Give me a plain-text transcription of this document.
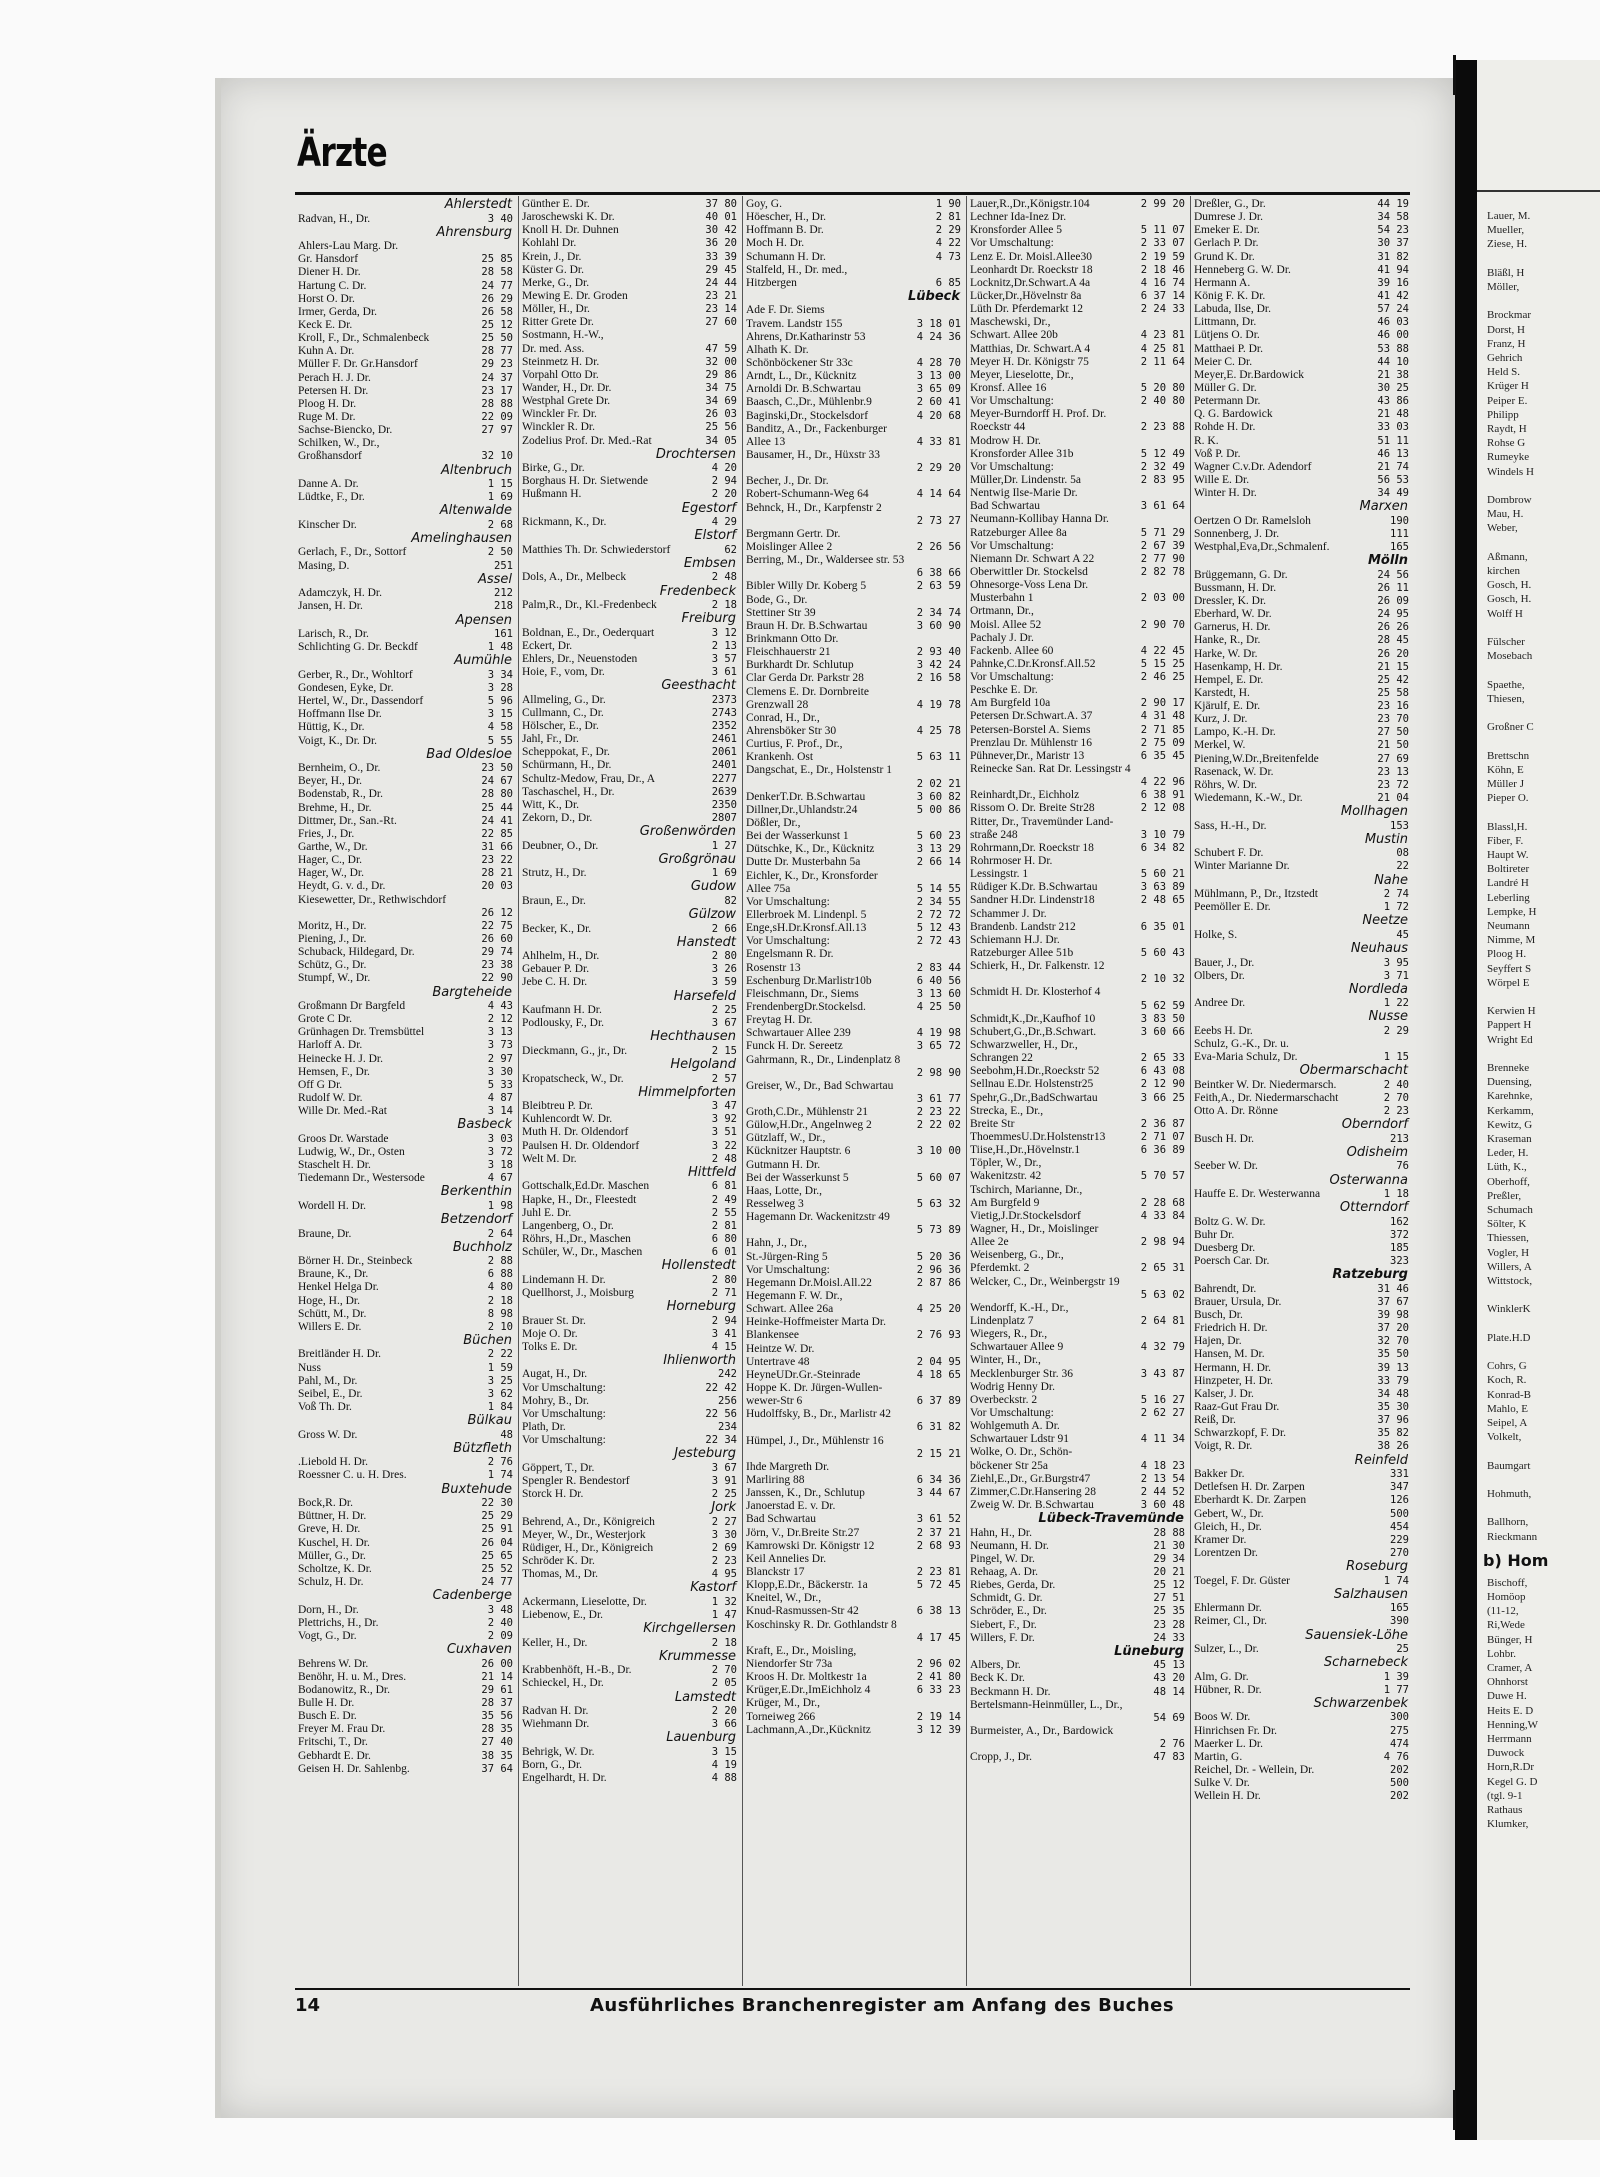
Ärzte
Ahlerstedt
Radvan, H., Dr.	3 40
Ahrensburg
Ahlers-Lau Marg. Dr.
Gr. Hansdorf	25 85
Diener H. Dr.	28 58
Hartung C. Dr.	24 77
Horst O. Dr.	26 29
Irmer, Gerda, Dr.	26 58
Keck E. Dr.	25 12
Kroll, F., Dr., Schmalenbeck	25 50
Kuhn A. Dr.	28 77
Müller F. Dr. Gr.Hansdorf	29 23
Perach H. J. Dr.	24 37
Petersen H. Dr.	23 17
Ploog H. Dr.	28 88
Ruge M. Dr.	22 09
Sachse-Biencko, Dr.	27 97
Schilken, W., Dr.,
Großhansdorf	32 10
Altenbruch
Danne A. Dr.	1 15
Lüdtke, F., Dr.	1 69
Altenwalde
Kinscher Dr.	2 68
Amelinghausen
Gerlach, F., Dr., Sottorf	2 50
Masing, D.	251
Assel
Adamczyk, H. Dr.	212
Jansen, H. Dr.	218
Apensen
Larisch, R., Dr.	161
Schlichting G. Dr. Beckdf	1 48
Aumühle
Gerber, R., Dr., Wohltorf	3 34
Gondesen, Eyke, Dr.	3 28
Hertel, W., Dr., Dassendorf	5 96
Hoffmann Ilse Dr.	3 15
Hüttig, K., Dr.	4 58
Voigt, K., Dr. Dr.	5 55
Bad Oldesloe
Bernheim, O., Dr.	23 50
Beyer, H., Dr.	24 67
Bodenstab, R., Dr.	28 80
Brehme, H., Dr.	25 44
Dittmer, Dr., San.-Rt.	24 41
Fries, J., Dr.	22 85
Garthe, W., Dr.	31 66
Hager, C., Dr.	23 22
Hager, W., Dr.	28 21
Heydt, G. v. d., Dr.	20 03
Kiesewetter, Dr., Rethwischdorf
26 12
Moritz, H., Dr.	22 75
Piening, J., Dr.	26 60
Schuback, Hildegard, Dr.	29 74
Schütz, G., Dr.	23 38
Stumpf, W., Dr.	22 90
Bargteheide
Großmann Dr Bargfeld	4 43
Grote C Dr.	2 12
Grünhagen Dr. Tremsbüttel	3 13
Harloff A. Dr.	3 73
Heinecke H. J. Dr.	2 97
Hemsen, F., Dr.	3 30
Off G Dr.	5 33
Rudolf W. Dr.	4 87
Wille Dr. Med.-Rat	3 14
Basbeck
Groos Dr. Warstade	3 03
Ludwig, W., Dr., Osten	3 72
Staschelt H. Dr.	3 18
Tiedemann Dr., Westersode	4 67
Berkenthin
Wordell H. Dr.	1 98
Betzendorf
Braune, Dr.	2 64
Buchholz
Börner H. Dr., Steinbeck	2 88
Braune, K., Dr.	6 88
Henkel Helga Dr.	4 80
Hoge, H., Dr.	2 18
Schütt, M., Dr.	8 98
Willers E. Dr.	2 10
Büchen
Breitländer H. Dr.	2 22
Nuss	1 59
Pahl, M., Dr.	3 25
Seibel, E., Dr.	3 62
Voß Th. Dr.	1 84
Bülkau
Gross W. Dr.	48
Bützfleth
.Liebold H. Dr.	2 76
Roessner C. u. H. Dres.	1 74
Buxtehude
Bock,R. Dr.	22 30
Büttner, H. Dr.	25 29
Greve, H. Dr.	25 91
Kuschel, H. Dr.	26 04
Müller, G., Dr.	25 65
Scholtze, K. Dr.	25 52
Schulz, H. Dr.	24 77
Cadenberge
Dorn, H., Dr.	3 48
Plettrichs, H., Dr.	2 40
Vogt, G., Dr.	2 09
Cuxhaven
Behrens W. Dr.	26 00
Benöhr, H. u. M., Dres.	21 14
Bodanowitz, R., Dr.	29 61
Bulle H. Dr.	28 37
Busch E. Dr.	35 56
Freyer M. Frau Dr.	28 35
Fritschi, T., Dr.	27 40
Gebhardt E. Dr.	38 35
Geisen H. Dr. Sahlenbg.	37 64
Günther E. Dr.	37 80
Jaroschewski K. Dr.	40 01
Knoll H. Dr. Duhnen	30 42
Kohlahl Dr.	36 20
Krein, J., Dr.	33 39
Küster G. Dr.	29 45
Merke, G., Dr.	24 44
Mewing E. Dr. Groden	23 21
Möller, H., Dr.	23 14
Ritter Grete Dr.	27 60
Sostmann, H.-W.,
Dr. med. Ass.	47 59
Steinmetz H. Dr.	32 00
Vorpahl Otto Dr.	29 86
Wander, H., Dr. Dr.	34 75
Westphal Grete Dr.	34 69
Winckler Fr. Dr.	26 03
Winckler R. Dr.	25 56
Zodelius Prof. Dr. Med.-Rat	34 05
Drochtersen
Birke, G., Dr.	4 20
Borghaus H. Dr. Sietwende	2 94
Hußmann H.	2 20
Egestorf
Rickmann, K., Dr.	4 29
Elstorf
Matthies Th. Dr. Schwiederstorf	62
Embsen
Dols, A., Dr., Melbeck	2 48
Fredenbeck
Palm,R., Dr., Kl.-Fredenbeck	2 18
Freiburg
Boldnan, E., Dr., Oederquart	3 12
Eckert, Dr.	2 13
Ehlers, Dr., Neuenstoden	3 57
Hoie, F., vom, Dr.	3 61
Geesthacht
Allmeling, G., Dr.	2373
Cullmann, C., Dr.	2743
Hölscher, E., Dr.	2352
Jahl, Fr., Dr.	2461
Scheppokat, F., Dr.	2061
Schürmann, H., Dr.	2401
Schultz-Medow, Frau, Dr., A	2277
Taschaschel, H., Dr.	2639
Witt, K., Dr.	2350
Zekorn, D., Dr.	2807
Großenwörden
Deubner, O., Dr.	1 27
Großgrönau
Strutz, H., Dr.	1 69
Gudow
Braun, E., Dr.	82
Gülzow
Becker, K., Dr.	2 66
Hanstedt
Ahlhelm, H., Dr.	2 80
Gebauer P. Dr.	3 26
Jebe C. H. Dr.	3 59
Harsefeld
Kaufmann H. Dr.	2 25
Podlousky, F., Dr.	3 67
Hechthausen
Dieckmann, G., jr., Dr.	2 15
Helgoland
Kropatscheck, W., Dr.	2 57
Himmelpforten
Bleibtreu P. Dr.	3 47
Kuhlencordt W. Dr.	3 92
Muth H. Dr. Oldendorf	3 51
Paulsen H. Dr. Oldendorf	3 22
Welt M. Dr.	2 48
Hittfeld
Gottschalk,Ed.Dr. Maschen	6 81
Hapke, H., Dr., Fleestedt	2 49
Juhl E. Dr.	2 55
Langenberg, O., Dr.	2 81
Röhrs, H.,Dr., Maschen	6 80
Schüler, W., Dr., Maschen	6 01
Hollenstedt
Lindemann H. Dr.	2 80
Quellhorst, J., Moisburg	2 71
Horneburg
Brauer St. Dr.	2 94
Moje O. Dr.	3 41
Tolks E. Dr.	4 15
Ihlienworth
Augat, H., Dr.	242
Vor Umschaltung:	22 42
Mohry, B., Dr.	256
Vor Umschaltung:	22 56
Plath, Dr.	234
Vor Umschaltung:	22 34
Jesteburg
Göppert, T., Dr.	3 67
Spengler R. Bendestorf	3 91
Storck H. Dr.	2 25
Jork
Behrend, A., Dr., Königreich	2 27
Meyer, W., Dr., Westerjork	3 30
Rüdiger, H., Dr., Königreich	2 69
Schröder K. Dr.	2 23
Thomas, M., Dr.	4 95
Kastorf
Ackermann, Lieselotte, Dr.	1 32
Liebenow, E., Dr.	1 47
Kirchgellersen
Keller, H., Dr.	2 18
Krummesse
Krabbenhöft, H.-B., Dr.	2 70
Schieckel, H., Dr.	2 05
Lamstedt
Radvan H. Dr.	2 20
Wiehmann Dr.	3 66
Lauenburg
Behrigk, W. Dr.	3 15
Born, G., Dr.	4 19
Engelhardt, H. Dr.	4 88
Goy, G.	1 90
Höescher, H., Dr.	2 81
Hoffmann B. Dr.	2 29
Moch H. Dr.	4 22
Schumann H. Dr.	4 73
Stalfeld, H., Dr. med.,
Hitzbergen	6 85
Lübeck
Ade F. Dr. Siems
Travem. Landstr 155	3 18 01
Ahrens, Dr.Katharinstr 53	4 24 36
Alhath K. Dr.
Schönböckener Str 33c	4 28 70
Arndt, L., Dr., Kücknitz	3 13 00
Arnoldi Dr. B.Schwartau	3 65 09
Baasch, C.,Dr., Mühlenbr.9	2 60 41
Baginski,Dr., Stockelsdorf	4 20 68
Banditz, A., Dr., Fackenburger
Allee 13	4 33 81
Bausamer, H., Dr., Hüxstr 33
2 29 20
Becher, J., Dr. Dr.
Robert-Schumann-Weg 64	4 14 64
Behnck, H., Dr., Karpfenstr 2
2 73 27
Bergmann Gertr. Dr.
Moislinger Allee 2	2 26 56
Berring, M., Dr., Waldersee str. 53
6 38 66
Bibler Willy Dr. Koberg 5	2 63 59
Bode, G., Dr.
Stettiner Str 39	2 34 74
Braun H. Dr. B.Schwartau	3 60 90
Brinkmann Otto Dr.
Fleischhauerstr 21	2 93 40
Burkhardt Dr. Schlutup	3 42 24
Clar Gerda Dr. Parkstr 28	2 16 58
Clemens E. Dr. Dornbreite
Grenzwall 28	4 19 78
Conrad, H., Dr.,
Ahrensböker Str 30	4 25 78
Curtius, F. Prof., Dr.,
Krankenh. Ost	5 63 11
Dangschat, E., Dr., Holstenstr 1
2 02 21
DenkerT.Dr. B.Schwartau	3 60 82
Dillner,Dr.,Uhlandstr.24	5 00 86
Dößler, Dr.,
Bei der Wasserkunst 1	5 60 23
Dütschke, K., Dr., Kücknitz	3 13 29
Dutte Dr. Musterbahn 5a	2 66 14
Eichler, K., Dr., Kronsforder
Allee 75a	5 14 55
Vor Umschaltung:	2 34 55
Ellerbroek M. Lindenpl. 5	2 72 72
Enge,sH.Dr.Kronsf.All.13	5 12 43
Vor Umschaltung:	2 72 43
Engelsmann R. Dr.
Rosenstr 13	2 83 44
Eschenburg Dr.Marlistr10b	6 40 56
Fleischmann, Dr., Siems	3 13 60
FrendenbergDr.Stockelsd.	4 25 50
Freytag H. Dr.
Schwartauer Allee 239	4 19 98
Funck H. Dr. Sereetz	3 65 72
Gahrmann, R., Dr., Lindenplatz 8
2 98 90
Greiser, W., Dr., Bad Schwartau
3 61 77
Groth,C.Dr., Mühlenstr 21	2 23 22
Gülow,H.Dr., Angelnweg 2	2 22 02
Gützlaff, W., Dr.,
Kücknitzer Hauptstr. 6	3 10 00
Gutmann H. Dr.
Bei der Wasserkunst 5	5 60 07
Haas, Lotte, Dr.,
Resselweg 3	5 63 32
Hagemann Dr. Wackenitzstr 49
5 73 89
Hahn, J., Dr.,
St.-Jürgen-Ring 5	5 20 36
Vor Umschaltung:	2 96 36
Hegemann Dr.Moisl.All.22	2 87 86
Hegemann F. W. Dr.,
Schwart. Allee 26a	4 25 20
Heinke-Hoffmeister Marta Dr.
Blankensee	2 76 93
Heintze W. Dr.
Untertrave 48	2 04 95
HeyneUDr.Gr.-Steinrade	4 18 65
Hoppe K. Dr. Jürgen-Wullen-
wewer-Str 6	6 37 89
Hudolffsky, B., Dr., Marlistr 42
6 31 82
Hümpel, J., Dr., Mühlenstr 16
2 15 21
Ihde Margreth Dr.
Marliring 88	6 34 36
Janssen, K., Dr., Schlutup	3 44 67
Janoerstad E. v. Dr.
Bad Schwartau	3 61 52
Jörn, V., Dr.Breite Str.27	2 37 21
Kamrowski Dr. Königstr 12	2 68 93
Keil Annelies Dr.
Blanckstr 17	2 23 81
Klopp,E.Dr., Bäckerstr. 1a	5 72 45
Kneitel, W., Dr.,
Knud-Rasmussen-Str 42	6 38 13
Koschinsky R. Dr. Gothlandstr 8
4 17 45
Kraft, E., Dr., Moisling,
Niendorfer Str 73a	2 96 02
Kroos H. Dr. Moltkestr 1a	2 41 80
Krüger,E.Dr.,ImEichholz 4	6 33 23
Krüger, M., Dr.,
Torneiweg 266	2 19 14
Lachmann,A.,Dr.,Kücknitz	3 12 39
Lauer,R.,Dr.,Königstr.104	2 99 20
Lechner Ida-Inez Dr.
Kronsforder Allee 5	5 11 07
Vor Umschaltung:	2 33 07
Lenz E. Dr. Moisl.Allee30	2 19 59
Leonhardt Dr. Roeckstr 18	2 18 46
Locknitz,Dr.Schwart.A 4a	4 16 74
Lücker,Dr.,Hövelnstr 8a	6 37 14
Lüth Dr. Pferdemarkt 12	2 24 33
Maschewski, Dr.,
Schwart. Allee 20b	4 23 81
Matthias, Dr. Schwart.A 4	4 25 81
Meyer H. Dr. Königstr 75	2 11 64
Meyer, Lieselotte, Dr.,
Kronsf. Allee 16	5 20 80
Vor Umschaltung:	2 40 80
Meyer-Burndorff H. Prof. Dr.
Roeckstr 44	2 23 88
Modrow H. Dr.
Kronsforder Allee 31b	5 12 49
Vor Umschaltung:	2 32 49
Müller,Dr. Lindenstr. 5a	2 83 95
Nentwig Ilse-Marie Dr.
Bad Schwartau	3 61 64
Neumann-Kollibay Hanna Dr.
Ratzeburger Allee 8a	5 71 29
Vor Umschaltung:	2 67 39
Niemann Dr. Schwart A 22	2 77 90
Oberwittler Dr. Stockelsd	2 82 78
Ohnesorge-Voss Lena Dr.
Musterbahn 1	2 03 00
Ortmann, Dr.,
Moisl. Allee 52	2 90 70
Pachaly J. Dr.
Fackenb. Allee 60	4 22 45
Pahnke,C.Dr.Kronsf.All.52	5 15 25
Vor Umschaltung:	2 46 25
Peschke E. Dr.
Am Burgfeld 10a	2 90 17
Petersen Dr.Schwart.A. 37	4 31 48
Petersen-Borstel A. Siems	2 71 85
Prenzlau Dr. Mühlenstr 16	2 75 09
Pühnever,Dr., Maristr 13	6 35 45
Reinecke San. Rat Dr. Lessingstr 4
4 22 96
Reinhardt,Dr., Eichholz	6 38 91
Rissom O. Dr. Breite Str28	2 12 08
Ritter, Dr., Travemünder Land-
straße 248	3 10 79
Rohrmann,Dr. Roeckstr 18	6 34 82
Rohrmoser H. Dr.
Lessingstr. 1	5 60 21
Rüdiger K.Dr. B.Schwartau	3 63 89
Sandner H.Dr. Lindenstr18	2 48 65
Schammer J. Dr.
Brandenb. Landstr 212	6 35 01
Schiemann H.J. Dr.
Ratzeburger Allee 51b	5 60 43
Schierk, H., Dr. Falkenstr. 12
2 10 32
Schmidt H. Dr. Klosterhof 4
5 62 59
Schmidt,K.,Dr.,Kaufhof 10	3 83 50
Schubert,G.,Dr.,B.Schwart.	3 60 66
Schwarzweller, H., Dr.,
Schrangen 22	2 65 33
Seebohm,H.Dr.,Roeckstr 52	6 43 08
Sellnau E.Dr. Holstenstr25	2 12 90
Spehr,G.,Dr.,BadSchwartau	3 66 25
Strecka, E., Dr.,
Breite Str	2 36 87
ThoemmesU.Dr.Holstenstr13	2 71 07
Tiise,H.,Dr.,Hövelnstr.1	6 36 89
Töpler, W., Dr.,
Wakenitzstr. 42	5 70 57
Tschirch, Marianne, Dr.,
Am Burgfeld 9	2 28 68
Vietig,J.Dr.Stockelsdorf	4 33 84
Wagner, H., Dr., Moislinger
Allee 2e	2 98 94
Weisenberg, G., Dr.,
Pferdemkt. 2	2 65 31
Welcker, C., Dr., Weinbergstr 19
5 63 02
Wendorff, K.-H., Dr.,
Lindenplatz 7	2 64 81
Wiegers, R., Dr.,
Schwartauer Allee 9	4 32 79
Winter, H., Dr.,
Mecklenburger Str. 36	3 43 87
Wodrig Henny Dr.
Overbeckstr. 2	5 16 27
Vor Umschaltung:	2 62 27
Wohlgemuth A. Dr.
Schwartauer Ldstr 91	4 11 34
Wolke, O. Dr., Schön-
böckener Str 25a	4 18 23
Ziehl,E.,Dr., Gr.Burgstr47	2 13 54
Zimmer,C.Dr.Hansering 28	2 44 52
Zweig W. Dr. B.Schwartau	3 60 48
Lübeck-Travemünde
Hahn, H., Dr.	28 88
Neumann, H. Dr.	21 30
Pingel, W. Dr.	29 34
Rehaag, A. Dr.	20 21
Riebes, Gerda, Dr.	25 12
Schmidt, G. Dr.	27 51
Schröder, E., Dr.	25 35
Siebert, F., Dr.	23 28
Willers, F. Dr.	24 33
Lüneburg
Albers, Dr.	45 13
Beck K. Dr.	43 20
Beckmann H. Dr.	48 14
Bertelsmann-Heinmüller, L., Dr.,
54 69
Burmeister, A., Dr., Bardowick
2 76
Cropp, J., Dr.	47 83
Dreßler, G., Dr.	44 19
Dumrese J. Dr.	34 58
Emeker E. Dr.	54 23
Gerlach P. Dr.	30 37
Grund K. Dr.	31 82
Henneberg G. W. Dr.	41 94
Hermann A.	39 16
König F. K. Dr.	41 42
Labuda, Ilse, Dr.	57 24
Littmann, Dr.	46 03
Lütjens O. Dr.	46 00
Matthaei P. Dr.	53 88
Meier C. Dr.	44 10
Meyer,E. Dr.Bardowick	21 38
Müller G. Dr.	30 25
Petermann Dr.	43 86
Q. G. Bardowick	21 48
Rohde H. Dr.	33 03
R. K.	51 11
Voß P. Dr.	46 13
Wagner C.v.Dr. Adendorf	21 74
Wille E. Dr.	56 53
Winter H. Dr.	34 49
Marxen
Oertzen O Dr. Ramelsloh	190
Sonnenberg, J. Dr.	111
Westphal,Eva,Dr.,Schmalenf.	165
Mölln
Brüggemann, G. Dr.	24 56
Bussmann, H. Dr.	26 11
Dressler, K. Dr.	26 09
Eberhard, W. Dr.	24 95
Garnerus, H. Dr.	26 26
Hanke, R., Dr.	28 45
Harke, W. Dr.	26 20
Hasenkamp, H. Dr.	21 15
Hempel, E. Dr.	25 42
Karstedt, H.	25 58
Kjärulf, E. Dr.	23 16
Kurz, J. Dr.	23 70
Lampo, K.-H. Dr.	27 50
Merkel, W.	21 50
Piening,W.Dr.,Breitenfelde	27 69
Rasenack, W. Dr.	23 13
Röhrs, W. Dr.	23 72
Wiedemann, K.-W., Dr.	21 04
Mollhagen
Sass, H.-H., Dr.	153
Mustin
Schubert F. Dr.	08
Winter Marianne Dr.	22
Nahe
Mühlmann, P., Dr., Itzstedt	2 74
Peemöller E. Dr.	1 72
Neetze
Holke, S.	45
Neuhaus
Bauer, J., Dr.	3 95
Olbers, Dr.	3 71
Nordleda
Andree Dr.	1 22
Nusse
Eeebs H. Dr.	2 29
Schulz, G.-K., Dr. u.
Eva-Maria Schulz, Dr.	1 15
Obermarschacht
Beintker W. Dr. Niedermarsch.	2 40
Feith,A., Dr. Niedermarschacht	2 70
Otto A. Dr. Rönne	2 23
Oberndorf
Busch H. Dr.	213
Odisheim
Seeber W. Dr.	76
Osterwanna
Hauffe E. Dr. Westerwanna	1 18
Otterndorf
Boltz G. W. Dr.	162
Buhr Dr.	372
Duesberg Dr.	185
Poersch Car. Dr.	323
Ratzeburg
Bahrendt, Dr.	31 46
Brauer, Ursula, Dr.	37 67
Busch, Dr.	39 98
Friedrich H. Dr.	37 20
Hajen, Dr.	32 70
Hansen, M. Dr.	35 50
Hermann, H. Dr.	39 13
Hinzpeter, H. Dr.	33 79
Kalser, J. Dr.	34 48
Raaz-Gut Frau Dr.	35 30
Reiß, Dr.	37 96
Schwarzkopf, F. Dr.	35 82
Voigt, R. Dr.	38 26
Reinfeld
Bakker Dr.	331
Detlefsen H. Dr. Zarpen	347
Eberhardt K. Dr. Zarpen	126
Gebert, W., Dr.	500
Gleich, H., Dr.	454
Kramer Dr.	229
Lorentzen Dr.	270
Roseburg
Toegel, F. Dr. Güster	1 74
Salzhausen
Ehlermann Dr.	165
Reimer, Cl., Dr.	390
Sauensiek-Löhe
Sulzer, L., Dr.	25
Scharnebeck
Alm, G. Dr.	1 39
Hübner, R. Dr.	1 77
Schwarzenbek
Boos W. Dr.	300
Hinrichsen Fr. Dr.	275
Maerker L. Dr.	474
Martin, G.	4 76
Reichel, Dr. - Wellein, Dr.	202
Sulke V. Dr.	500
Wellein H. Dr.	202
14	Ausführliches Branchenregister am Anfang des Buches
Lauer, M.
Mueller,
Ziese, H.
Bläßl, H
Möller,
Brockmar
Dorst, H
Franz, H
Gehrich
Held S.
Krüger H
Peiper E.
Philipp
Raydt, H
Rohse G
Rumeyke
Windels H
Dombrow
Mau, H.
Weber,
Aßmann,
kirchen
Gosch, H.
Gosch, H.
Wolff H
Fülscher
Mosebach
Spaethe,
Thiesen,
Großner C
Brettschn
Köhn, E
Müller J
Pieper O.
Blassl,H.
Fiber, F.
Haupt W.
Boltireter
Landré H
Leberling
Lempke, H
Neumann
Nimme, M
Ploog H.
Seyffert S
Wörpel E
Kerwien H
Pappert H
Wright Ed
Brenneke
Duensing,
Karehnke,
Kerkamm,
Kewitz, G
Kraseman
Leder, H.
Lüth, K.,
Oberhoff,
Preßler,
Schumach
Sölter, K
Thiessen,
Vogler, H
Willers, A
Wittstock,
WinklerK
Plate.H.D
Cohrs, G
Koch, R.
Konrad-B
Mahlo, E
Seipel, A
Volkelt,
Baumgart
Hohmuth,
Ballhorn,
Rieckmann
b) Hom
Bischoff,
Homöop
(11-12,
Ri,Wede
Bünger, H
Lohbr.
Cramer, A
Ohnhorst
Duwe H.
Heits E. D
Henning,W
Herrmann
Duwock
Horn,R.Dr
Kegel G. D
(tgl. 9-1
Rathaus
Klumker,
